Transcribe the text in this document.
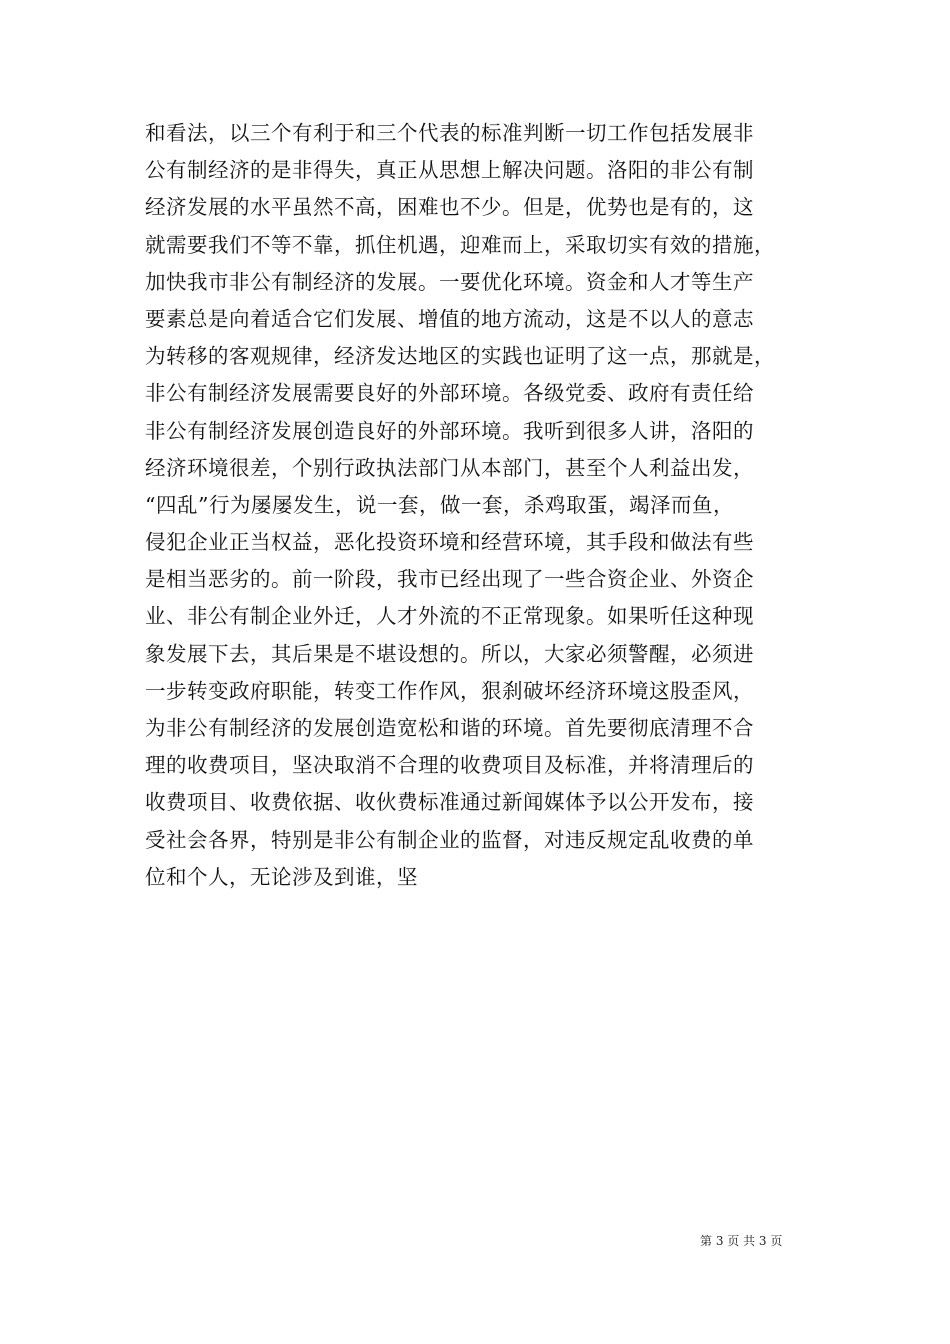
和看法，以三个有利于和三个代表的标准判断一切工作包括发展非
公有制经济的是非得失，真正从思想上解决问题。洛阳的非公有制
经济发展的水平虽然不高，困难也不少。但是，优势也是有的，这
就需要我们不等不靠，抓住机遇，迎难而上，采取切实有效的措施，
加快我市非公有制经济的发展。一要优化环境。资金和人才等生产
要素总是向着适合它们发展、增值的地方流动，这是不以人的意志
为转移的客观规律，经济发达地区的实践也证明了这一点，那就是，
非公有制经济发展需要良好的外部环境。各级党委、政府有责任给
非公有制经济发展创造良好的外部环境。我听到很多人讲，洛阳的
经济环境很差，个别行政执法部门从本部门，甚至个人利益出发，
“四乱”行为屡屡发生，说一套，做一套，杀鸡取蛋，竭泽而鱼，
侵犯企业正当权益，恶化投资环境和经营环境，其手段和做法有些
是相当恶劣的。前一阶段，我市已经出现了一些合资企业、外资企
业、非公有制企业外迁，人才外流的不正常现象。如果听任这种现
象发展下去，其后果是不堪设想的。所以，大家必须警醒，必须进
一步转变政府职能，转变工作作风，狠刹破坏经济环境这股歪风，
为非公有制经济的发展创造宽松和谐的环境。首先要彻底清理不合
理的收费项目，坚决取消不合理的收费项目及标准，并将清理后的
收费项目、收费依据、收伙费标准通过新闻媒体予以公开发布，接
受社会各界，特别是非公有制企业的监督，对违反规定乱收费的单
位和个人，无论涉及到谁，坚
第 3 页 共 3 页
